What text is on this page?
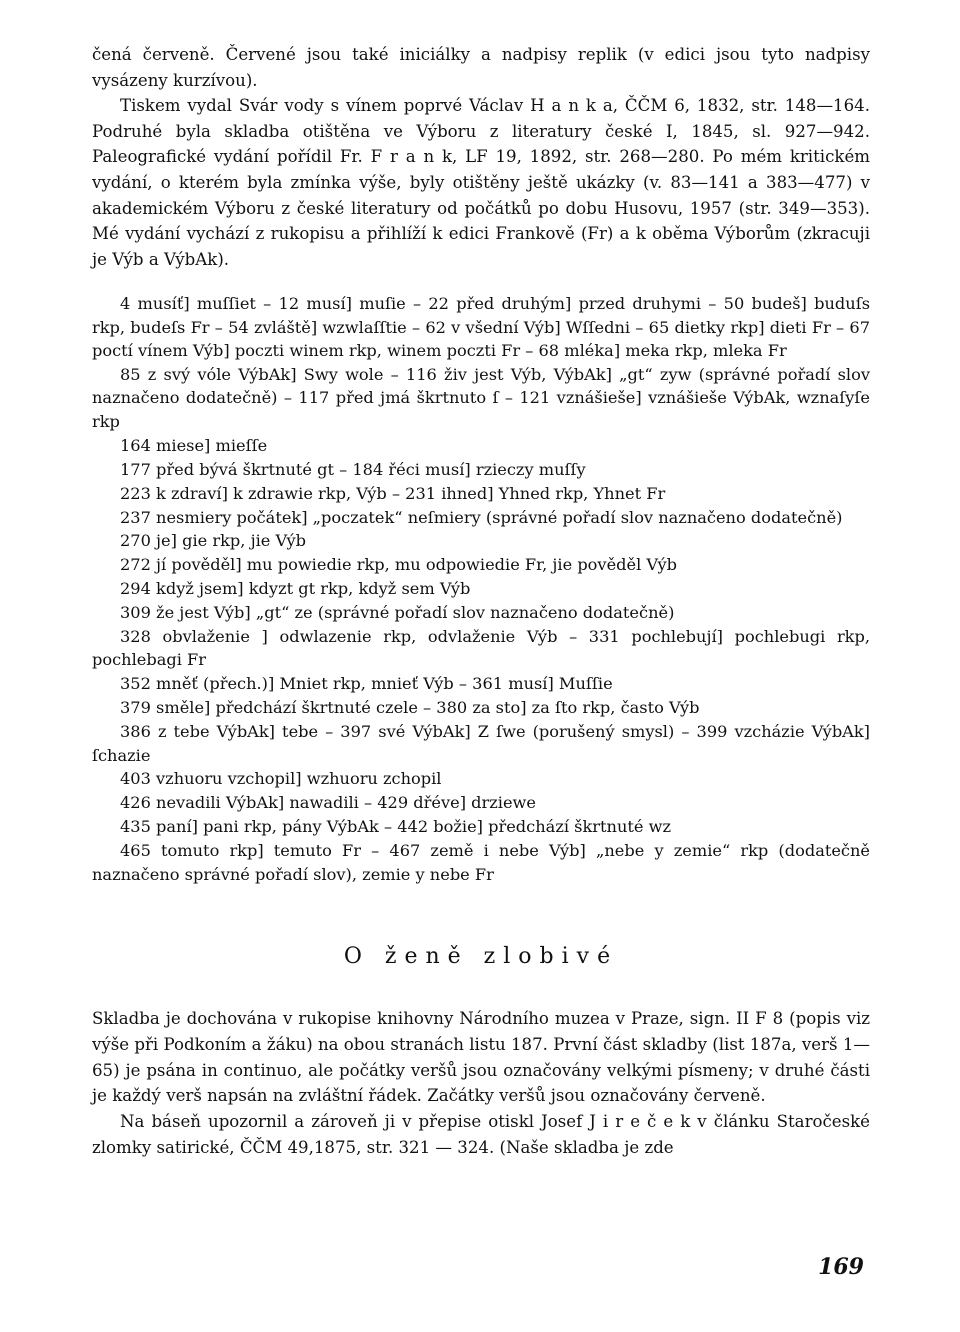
čená červeně. Červené jsou také iniciálky a nadpisy replik (v edici jsou tyto nadpisy vysázeny kurzívou).

Tiskem vydal Svár vody s vínem poprvé Václav H a n k a, ČČM 6, 1832, str. 148—164. Podruhé byla skladba otištěna ve Výboru z literatury české I, 1845, sl. 927—942. Paleografické vydání pořídil Fr. F r a n k, LF 19, 1892, str. 268—280. Po mém kritickém vydání, o kterém byla zmínka výše, byly otištěny ještě ukázky (v. 83—141 a 383—477) v akademickém Výboru z české literatury od počátků po dobu Husovu, 1957 (str. 349—353). Mé vydání vychází z rukopisu a přihlíží k edici Frankově (Fr) a k oběma Výborům (zkracuji je Výb a VýbAk).

4 musíť] muſſiet – 12 musí] muſie – 22 před druhým] przed druhymi – 50 budeš] buduſs rkp, budeſs Fr – 54 zvláště] wzwlaſſtie – 62 v všední Výb] Wſſedni – 65 dietky rkp] dieti Fr – 67 poctí vínem Výb] poczti winem rkp, winem poczti Fr – 68 mléka] meka rkp, mleka Fr

85 z svý vóle VýbAk] Swy wole – 116 živ jest Výb, VýbAk] „gt“ zyw (správné pořadí slov naznačeno dodatečně) – 117 před jmá škrtnuto ſ – 121 vznášieše] vznášieše VýbAk, wznaſyſe rkp

164 miese] mieſſe

177 před bývá škrtnuté gt – 184 řéci musí] rzieczy muſſy

223 k zdraví] k zdrawie rkp, Výb – 231 ihned] Yhned rkp, Yhnet Fr

237 nesmiery počátek] „poczatek“ neſmiery (správné pořadí slov naznačeno dodatečně)

270 je] gie rkp, jie Výb

272 jí pověděl] mu powiedie rkp, mu odpowiedie Fr, jie pověděl Výb

294 když jsem] kdyzt gt rkp, když sem Výb

309 že jest Výb] „gt“ ze (správné pořadí slov naznačeno dodatečně)

328 obvlaženie ] odwlazenie rkp, odvlaženie Výb – 331 pochlebují] pochlebugi rkp, pochlebagi Fr

352 mněť (přech.)] Mniet rkp, mnieť Výb – 361 musí] Muſſie

379 směle] předchází škrtnuté czele – 380 za sto] za ſto rkp, často Výb

386 z tebe VýbAk] tebe – 397 své VýbAk] Z ſwe (porušený smysl) – 399 vzcházie VýbAk] ſchazie

403 vzhuoru vzchopil] wzhuoru zchopil

426 nevadili VýbAk] nawadili – 429 dřéve] drziewe

435 paní] pani rkp, pány VýbAk – 442 božie] předchází škrtnuté wz

465 tomuto rkp] temuto Fr – 467 země i nebe Výb] „nebe y zemie“ rkp (dodatečně naznačeno správné pořadí slov), zemie y nebe Fr

O ženě zlobivé

Skladba je dochována v rukopise knihovny Národního muzea v Praze, sign. II F 8 (popis viz výše při Podkoním a žáku) na obou stranách listu 187. První část skladby (list 187a, verš 1—65) je psána in continuo, ale počátky veršů jsou označovány velkými písmeny; v druhé části je každý verš napsán na zvláštní řádek. Začátky veršů jsou označovány červeně.

Na báseň upozornil a zároveň ji v přepise otiskl Josef J i r e č e k v článku Staročeské zlomky satirické, ČČM 49,1875, str. 321 — 324. (Naše skladba je zde

169
